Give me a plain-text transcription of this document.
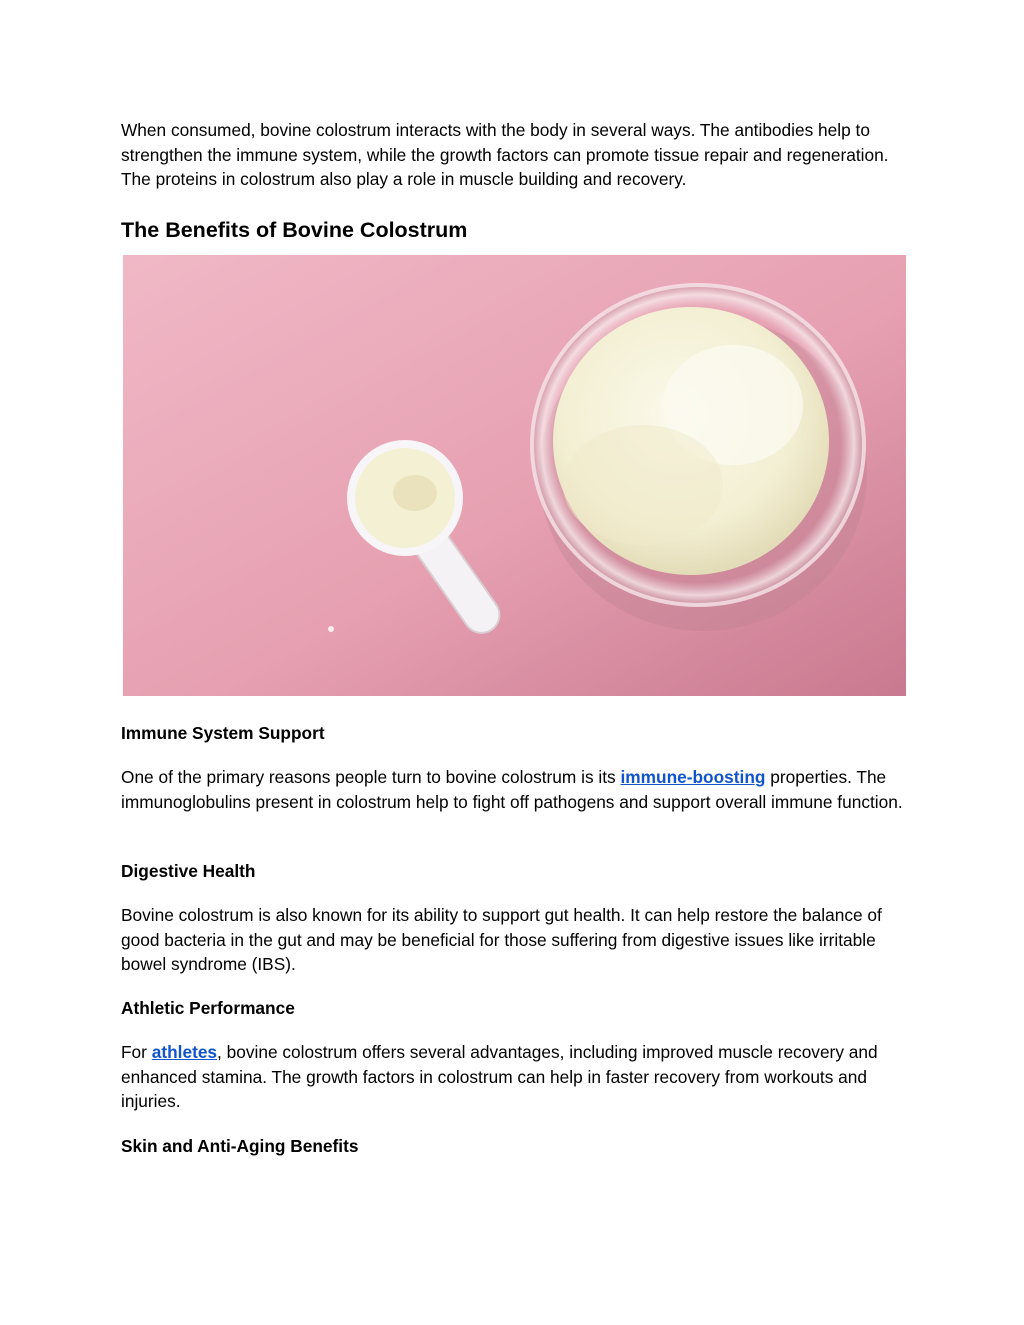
When consumed, bovine colostrum interacts with the body in several ways. The antibodies help to strengthen the immune system, while the growth factors can promote tissue repair and regeneration. The proteins in colostrum also play a role in muscle building and recovery.

The Benefits of Bovine Colostrum
Immune System Support

One of the primary reasons people turn to bovine colostrum is its immune-boosting properties. The immunoglobulins present in colostrum help to fight off pathogens and support overall immune function.

Digestive Health

Bovine colostrum is also known for its ability to support gut health. It can help restore the balance of good bacteria in the gut and may be beneficial for those suffering from digestive issues like irritable bowel syndrome (IBS).

Athletic Performance

For athletes, bovine colostrum offers several advantages, including improved muscle recovery and enhanced stamina. The growth factors in colostrum can help in faster recovery from workouts and injuries.

Skin and Anti-Aging Benefits
